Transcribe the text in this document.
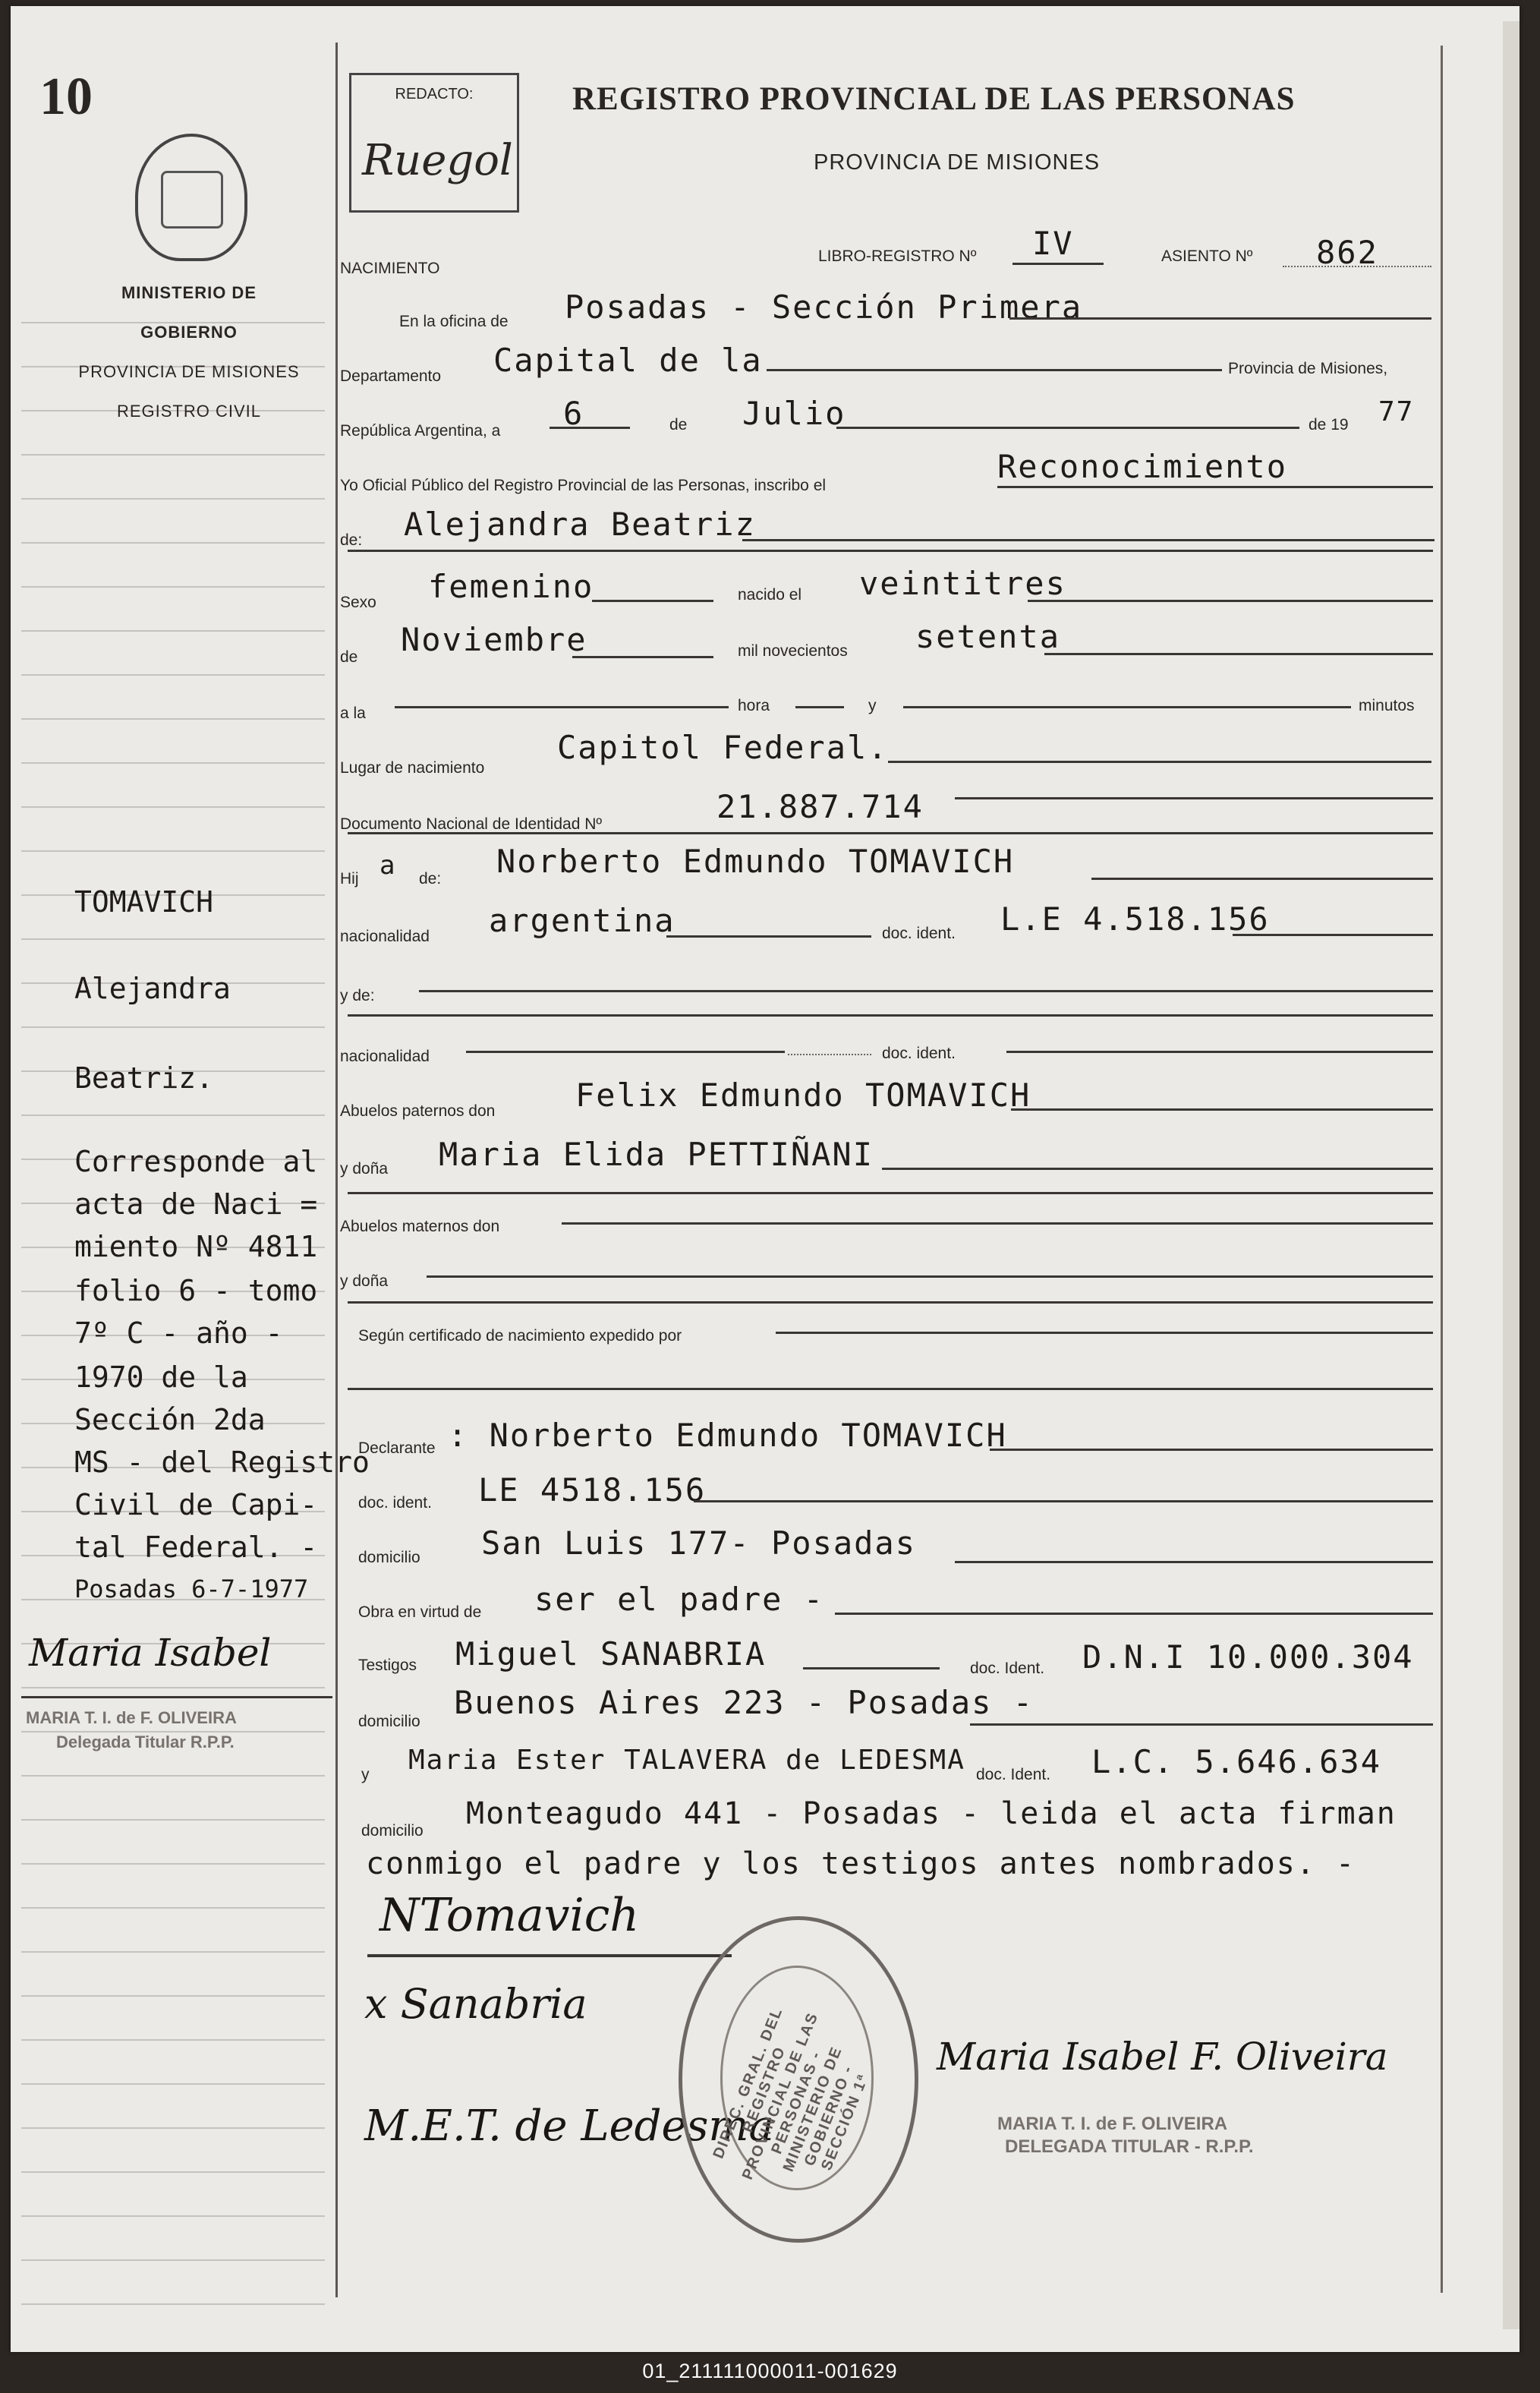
10
MINISTERIO DE GOBIERNO
PROVINCIA DE MISIONES
REGISTRO CIVIL
REDACTO:
Ruegol
REGISTRO PROVINCIAL DE LAS PERSONAS
PROVINCIA DE MISIONES
NACIMIENTO
LIBRO-REGISTRO Nº IV	ASIENTO Nº 862
En la oficina de Posadas - Sección Primera
Departamento Capital de la	Provincia de Misiones,
República Argentina, a 6	de Julio	de 19 77
Yo Oficial Público del Registro Provincial de las Personas, inscribo el
Reconocimiento
de: Alejandra Beatriz
Sexo femenino	nacido el veintitres
de Noviembre	mil novecientos setenta
a la	hora	y	minutos
Lugar de nacimiento
Capitol Federal.
Documento Nacional de Identidad Nº	21.887.714
Hij a de: Norberto Edmundo TOMAVICH
nacionalidad argentina	doc. ident. L.E 4.518.156
y de:
nacionalidad	doc. ident.
Abuelos paternos don	Felix Edmundo TOMAVICH
y doña Maria Elida PETTIÑANI
Abuelos maternos don
y doña
Según certificado de nacimiento expedido por
Declarante : Norberto Edmundo TOMAVICH
doc. ident. LE 4518.156
domicilio San Luis 177- Posadas
Obra en virtud de ser el padre -
Testigos Miguel SANABRIA	doc. Ident. D.N.I 10.000.304
domicilio
Buenos Aires 223 - Posadas -
y Maria Ester TALAVERA de LEDESMA doc. Ident. L.C. 5.646.634
domicilio Monteagudo 441 - Posadas - leida el acta firman
conmigo el padre y los testigos antes nombrados. -
NTomavich
x Sanabria
M.E.T. de Ledesma
Maria Isabel F. Oliveira
MARIA T. I. de F. OLIVEIRA
DELEGADA TITULAR - R.P.P.
DIREC. GRAL. DEL REGISTRO PROVINCIAL DE LAS PERSONAS - MINISTERIO DE GOBIERNO - SECCIÓN 1ª
TOMAVICH
Alejandra
Beatriz.
Corresponde al
acta de Naci =
miento Nº 4811
folio 6 - tomo
7º C - año -
1970 de la
Sección 2da
MS - del Registro
Civil de Capi-
tal Federal. -
Posadas 6-7-1977
Maria Isabel
MARIA T. I. de F. OLIVEIRA
Delegada Titular R.P.P.
01_211111000011-001629
